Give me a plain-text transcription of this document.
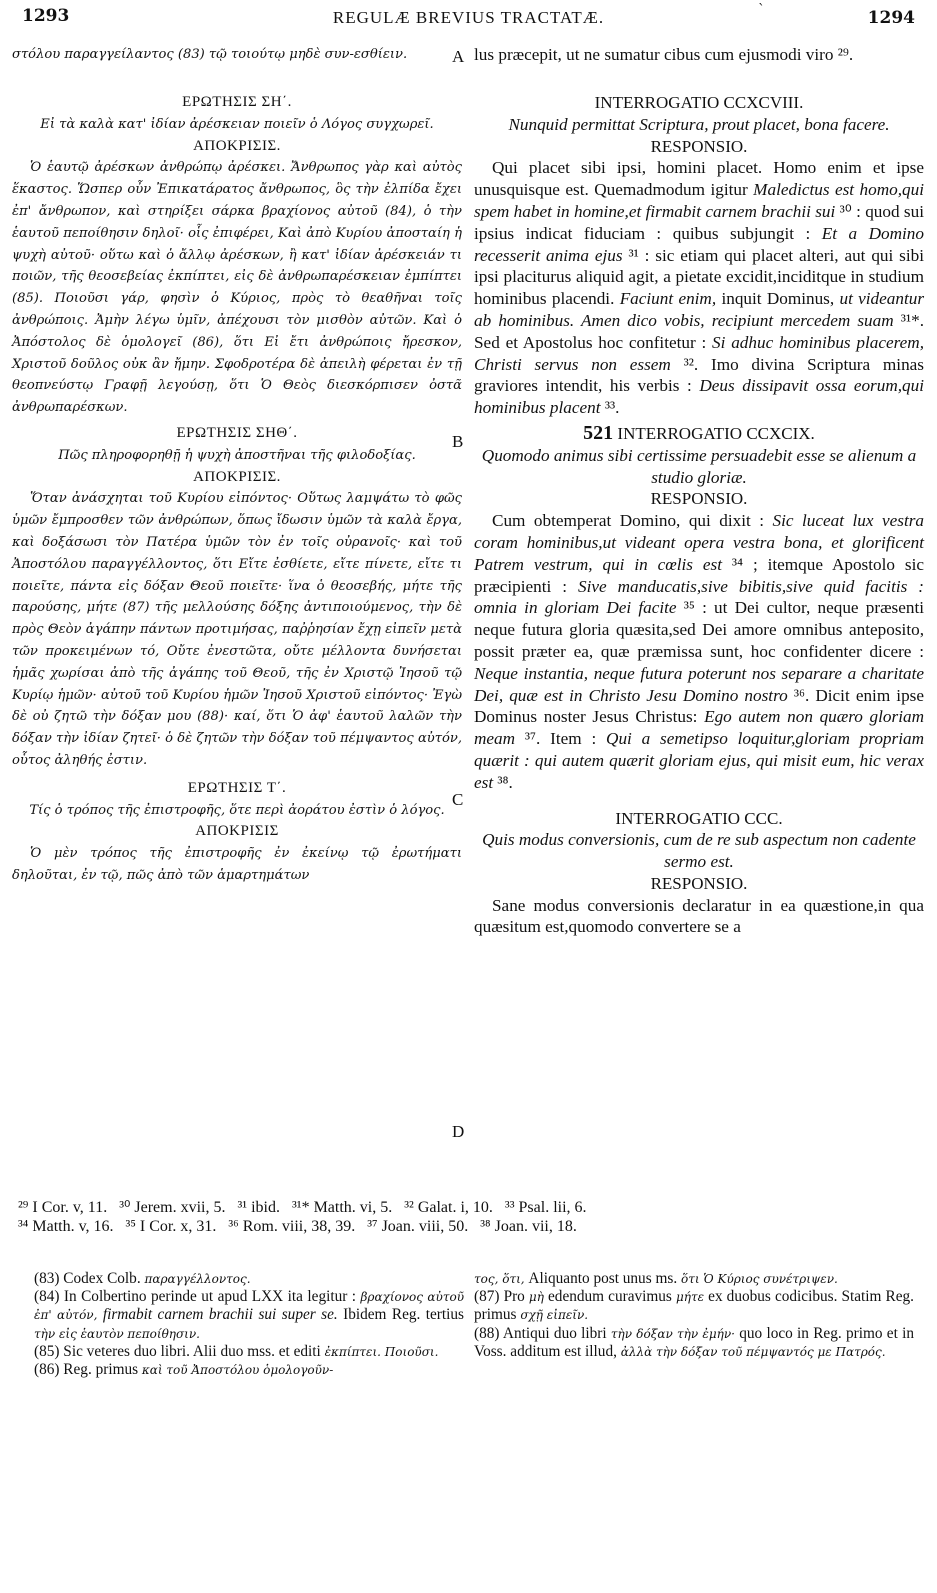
1293	REGULÆ BREVIUS TRACTATÆ.	`	1294

στόλου παραγγείλαντος (83) τῷ τοιούτῳ μηδὲ συν-εσθίειν.

ΕΡΩΤΗΣΙΣ ΣΗ΄.

Εἰ τὰ καλὰ κατ' ἰδίαν ἀρέσκειαν ποιεῖν ὁ Λόγος συγχωρεῖ.

ΑΠΟΚΡΙΣΙΣ.

Ὁ ἑαυτῷ ἀρέσκων ἀνθρώπῳ ἀρέσκει. Ἄνθρωπος γὰρ καὶ αὐτὸς ἕκαστος. Ὥσπερ οὖν Ἐπικατάρατος ἄνθρωπος, ὃς τὴν ἐλπίδα ἔχει ἐπ' ἄνθρωπον, καὶ στηρίξει σάρκα βραχίονος αὐτοῦ (84), ὁ τὴν ἑαυτοῦ πεποίθησιν δηλοῖ· οἷς ἐπιφέρει, Καὶ ἀπὸ Κυρίου ἀποσταίη ἡ ψυχὴ αὐτοῦ· οὕτω καὶ ὁ ἄλλῳ ἀρέσκων, ἢ κατ' ἰδίαν ἀρέσκειάν τι ποιῶν, τῆς θεοσεβείας ἐκπίπτει, εἰς δὲ ἀνθρωπαρέσκειαν ἐμπίπτει (85). Ποιοῦσι γάρ, φησὶν ὁ Κύριος, πρὸς τὸ θεαθῆναι τοῖς ἀνθρώποις. Ἀμὴν λέγω ὑμῖν, ἀπέχουσι τὸν μισθὸν αὐτῶν. Καὶ ὁ Ἀπόστολος δὲ ὁμολογεῖ (86), ὅτι Εἰ ἔτι ἀνθρώποις ἤρεσκον, Χριστοῦ δοῦλος οὐκ ἂν ἤμην. Σφοδροτέρα δὲ ἀπειλὴ φέρεται ἐν τῇ θεοπνεύστῳ Γραφῇ λεγούσῃ, ὅτι Ὁ Θεὸς διεσκόρπισεν ὀστᾶ ἀνθρωπαρέσκων.

ΕΡΩΤΗΣΙΣ ΣΗΘ΄.

Πῶς πληροφορηθῇ ἡ ψυχὴ ἀποστῆναι τῆς φιλοδοξίας.

ΑΠΟΚΡΙΣΙΣ.

Ὅταν ἀνάσχηται τοῦ Κυρίου εἰπόντος· Οὕτως λαμψάτω τὸ φῶς ὑμῶν ἔμπροσθεν τῶν ἀνθρώπων, ὅπως ἴδωσιν ὑμῶν τὰ καλὰ ἔργα, καὶ δοξάσωσι τὸν Πατέρα ὑμῶν τὸν ἐν τοῖς οὐρανοῖς· καὶ τοῦ Ἀποστόλου παραγγέλλοντος, ὅτι Εἴτε ἐσθίετε, εἴτε πίνετε, εἴτε τι ποιεῖτε, πάντα εἰς δόξαν Θεοῦ ποιεῖτε· ἵνα ὁ θεοσεβής, μήτε τῆς παρούσης, μήτε (87) τῆς μελλούσης δόξης ἀντιποιούμενος, τὴν δὲ πρὸς Θεὸν ἀγάπην πάντων προτιμήσας, παῤῥησίαν ἔχῃ εἰπεῖν μετὰ τῶν προκειμένων τό, Οὔτε ἐνεστῶτα, οὔτε μέλλοντα δυνήσεται ἡμᾶς χωρίσαι ἀπὸ τῆς ἀγάπης τοῦ Θεοῦ, τῆς ἐν Χριστῷ Ἰησοῦ τῷ Κυρίῳ ἡμῶν· αὐτοῦ τοῦ Κυρίου ἡμῶν Ἰησοῦ Χριστοῦ εἰπόντος· Ἐγὼ δὲ οὐ ζητῶ τὴν δόξαν μου (88)· καί, ὅτι Ὁ ἀφ' ἑαυτοῦ λαλῶν τὴν δόξαν τὴν ἰδίαν ζητεῖ· ὁ δὲ ζητῶν τὴν δόξαν τοῦ πέμψαντος αὐτόν, οὗτος ἀληθής ἐστιν.

ΕΡΩΤΗΣΙΣ Τ΄.

Τίς ὁ τρόπος τῆς ἐπιστροφῆς, ὅτε περὶ ἀοράτου ἐστὶν ὁ λόγος.

ΑΠΟΚΡΙΣΙΣ

Ὁ μὲν τρόπος τῆς ἐπιστροφῆς ἐν ἐκείνῳ τῷ ἐρωτήματι δηλοῦται, ἐν τῷ, πῶς ἀπὸ τῶν ἁμαρτημάτων

A
B
C
D

lus præcepit, ut ne sumatur cibus cum ejusmodi viro ²⁹.

INTERROGATIO CCXCVIII.

Nunquid permittat Scriptura, prout placet, bona facere.

RESPONSIO.

Qui placet sibi ipsi, homini placet. Homo enim et ipse unusquisque est. Quemadmodum igitur Maledictus est homo,qui spem habet in homine,et firmabit carnem brachii sui ³⁰ : quod sui ipsius indicat fiduciam : quibus subjungit : Et a Domino recesserit anima ejus ³¹ : sic etiam qui placet alteri, aut qui sibi ipsi placiturus aliquid agit, a pietate excidit,inciditque in studium hominibus placendi. Faciunt enim, inquit Dominus, ut videantur ab hominibus. Amen dico vobis, recipiunt mercedem suam ³¹*. Sed et Apostolus hoc confitetur : Si adhuc hominibus placerem, Christi servus non essem ³². Imo divina Scriptura minas graviores intendit, his verbis : Deus dissipavit ossa eorum,qui hominibus placent ³³.

521 INTERROGATIO CCXCIX.

Quomodo animus sibi certissime persuadebit esse se alienum a studio gloriæ.

RESPONSIO.

Cum obtemperat Domino, qui dixit : Sic luceat lux vestra coram hominibus,ut videant opera vestra bona, et glorificent Patrem vestrum, qui in cœlis est ³⁴ ; itemque Apostolo sic præcipienti : Sive manducatis,sive bibitis,sive quid facitis : omnia in gloriam Dei facite ³⁵ : ut Dei cultor, neque præsenti neque futura gloria quæsita,sed Dei amore omnibus anteposito, possit præter ea, quæ præmissa sunt, hoc confidenter dicere : Neque instantia, neque futura poterunt nos separare a charitate Dei, quæ est in Christo Jesu Domino nostro ³⁶. Dicit enim ipse Dominus noster Jesus Christus: Ego autem non quæro gloriam meam ³⁷. Item : Qui a semetipso loquitur,gloriam propriam quærit : qui autem quærit gloriam ejus, qui misit eum, hic verax est ³⁸.

INTERROGATIO CCC.

Quis modus conversionis, cum de re sub aspectum non cadente sermo est.

RESPONSIO.

Sane modus conversionis declaratur in ea quæstione,in qua quæsitum est,quomodo convertere se a

²⁹ I Cor. v, 11.   ³⁰ Jerem. xvii, 5.   ³¹ ibid.   ³¹* Matth. vi, 5.   ³² Galat. i, 10.   ³³ Psal. lii, 6.
³⁴ Matth. v, 16.   ³⁵ I Cor. x, 31.   ³⁶ Rom. viii, 38, 39.   ³⁷ Joan. viii, 50.   ³⁸ Joan. vii, 18.

(83) Codex Colb. παραγγέλλοντος.

(84) In Colbertino perinde ut apud LXX ita legitur : βραχίονος αὐτοῦ ἐπ' αὐτόν, firmabit carnem brachii sui super se. Ibidem Reg. tertius τὴν εἰς ἑαυτὸν πεποίθησιν.

(85) Sic veteres duo libri. Alii duo mss. et editi ἐκπίπτει. Ποιοῦσι.

(86) Reg. primus καὶ τοῦ Ἀποστόλου ὁμολογοῦν-

τος, ὅτι, Aliquanto post unus ms. ὅτι Ὁ Κύριος συνέτριψεν.

(87) Pro μὴ edendum curavimus μήτε ex duobus codicibus. Statim Reg. primus σχῇ εἰπεῖν.

(88) Antiqui duo libri τὴν δόξαν τὴν ἐμήν· quo loco in Reg. primo et in Voss. additum est illud, ἀλλὰ τὴν δόξαν τοῦ πέμψαντός με Πατρός.
